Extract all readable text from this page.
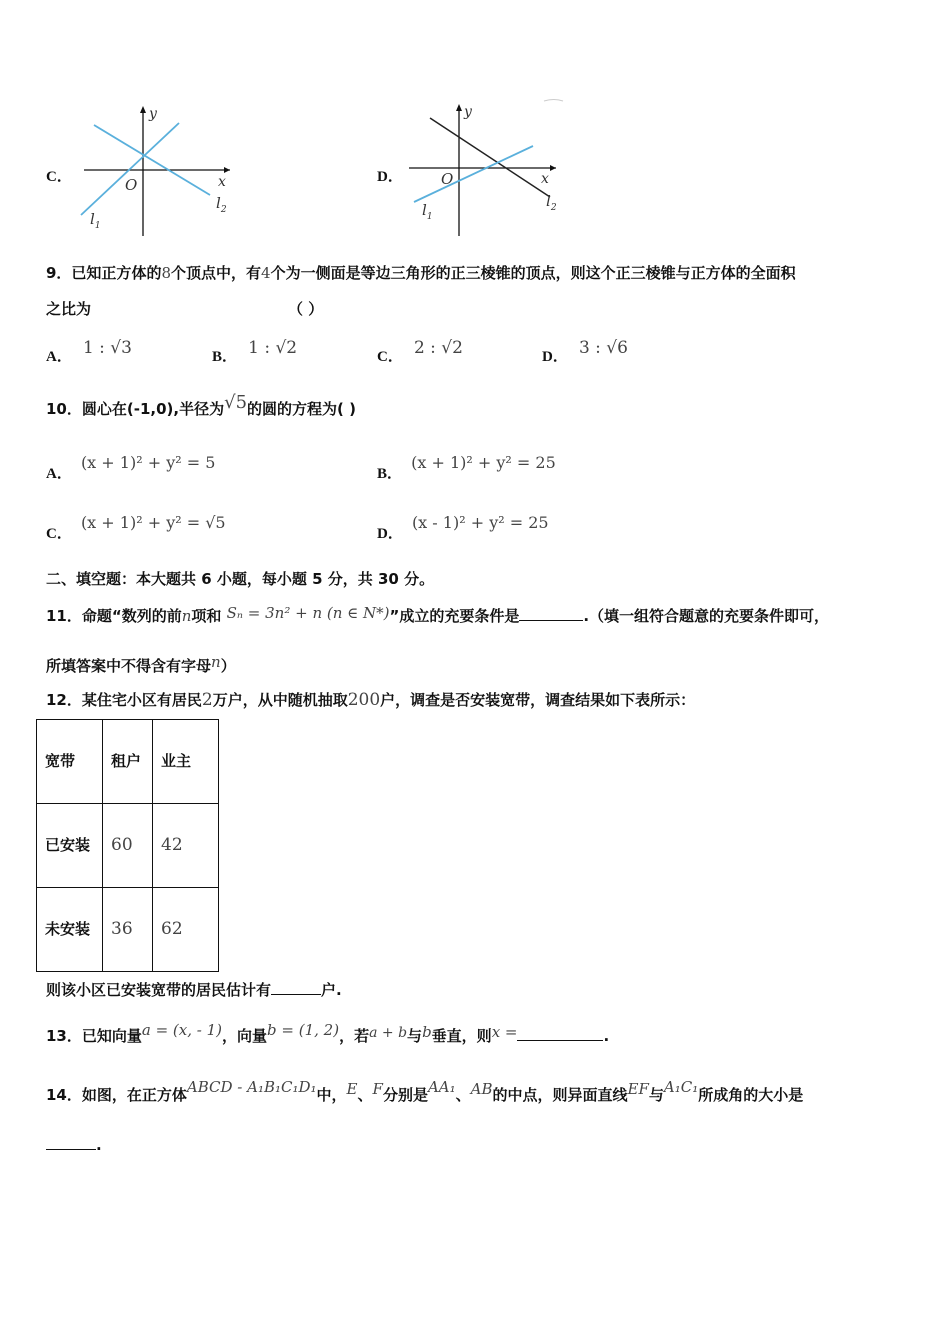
C．
y
x
O
$l_1$
$l_2$
D．
y
x
O
$l_1$
$l_2$
9．已知正方体的8个顶点中，有4个为一侧面是等边三角形的正三棱锥的顶点，则这个正三棱锥与正方体的全面积
之比为	（ ）
A． 1 : √3	B． 1 : √2	C． 2 : √2	D． 3 : √6
10．圆心在(-1,0),半径为√5的圆的方程为( )
A． (x + 1)² + y² = 5
B． (x + 1)² + y² = 25
C． (x + 1)² + y² = √5
D． (x - 1)² + y² = 25
二、填空题：本大题共 6 小题，每小题 5 分，共 30 分。
11．命题“数列的前n项和 Sₙ = 3n² + n (n ∈ N*)”成立的充要条件是	.（填一组符合题意的充要条件即可，
所填答案中不得含有字母n）
12．某住宅小区有居民2万户，从中随机抽取200户，调查是否安装宽带，调查结果如下表所示：
宽带	租户	业主
已安装	60	42
未安装	36	62
则该小区已安装宽带的居民估计有	户.
13．已知向量a = (x, - 1)，向量b = (1, 2)，若a + b与b垂直，则x =	.
14．如图，在正方体ABCD - A₁B₁C₁D₁中，E、F分别是AA₁、AB的中点，则异面直线EF与A₁C₁所成角的大小是
.
